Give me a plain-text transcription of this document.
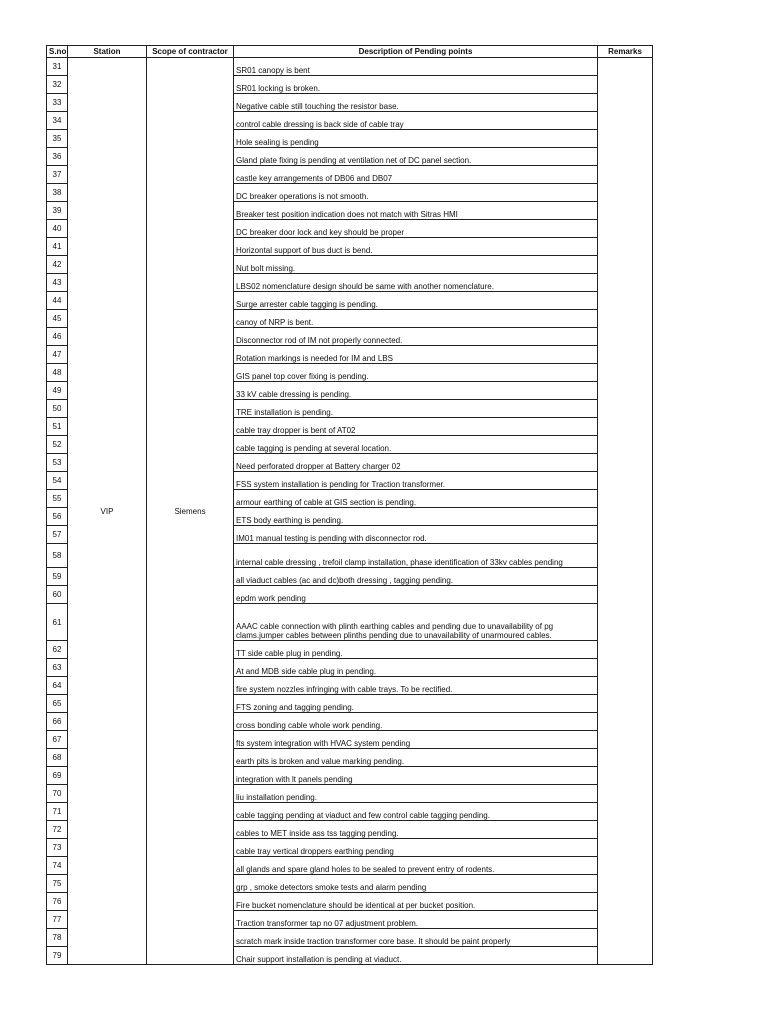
S.no	Station	Scope of contractor	Description of Pending points	Remarks
31	VIP	Siemens	SR01 canopy is bent	
32			SR01 locking is broken.	
33			Negative cable still touching the resistor base.	
34			control cable dressing is back side of cable tray	
35			Hole sealing is pending	
36			Gland plate fixing is pending at ventilation net of DC panel section.	
37			castle key arrangements of DB06 and DB07	
38			DC breaker operations is not smooth.	
39			Breaker test position indication does not match with Sitras HMI	
40			DC breaker door lock and key should be proper	
41			Horizontal support of bus duct is bend.	
42			Nut bolt missing.	
43			LBS02 nomenclature design should be same with another nomenclature.	
44			Surge arrester cable tagging is pending.	
45			canoy of NRP is bent.	
46			Disconnector rod of IM not properly connected.	
47			Rotation markings is needed for IM and LBS	
48			GIS panel top cover fixing is pending.	
49			33 kV cable dressing is pending.	
50			TRE installation is pending.	
51			cable tray dropper is bent of AT02	
52			cable tagging is pending at several location.	
53			Need perforated dropper at Battery charger 02	
54			FSS system installation is pending for Traction transformer.	
55			armour earthing of cable at GIS section is pending.	
56			ETS body earthing is pending.	
57			IM01 manual testing is pending with disconnector rod.	
58			internal cable dressing , trefoil clamp installation, phase identification of 33kv cables pending	
59			all viaduct cables (ac and dc)both dressing , tagging pending.	
60			epdm work pending	
61			AAAC cable connection with plinth earthing cables and pending due to unavailability of pg clams.jumper cables between plinths pending due to unavailability of unarmoured cables.	
62			TT side cable plug in pending.	
63			At and MDB side cable plug in pending.	
64			fire system nozzles infringing with cable trays. To be rectified.	
65			FTS zoning and tagging pending.	
66			cross bonding cable whole work pending.	
67			fts system integration with HVAC system pending	
68			earth pits is broken and value marking pending.	
69			integration with lt panels pending	
70			liu installation pending.	
71			cable tagging pending at viaduct and few control cable tagging pending.	
72			cables to MET inside ass tss tagging pending.	
73			cable tray vertical droppers earthing pending	
74			all glands and spare gland holes to be sealed to prevent entry of rodents.	
75			grp , smoke detectors smoke tests and alarm pending	
76			Fire bucket nomenclature should be identical at per bucket position.	
77			Traction transformer tap no 07 adjustment problem.	
78			scratch mark inside traction transformer core base. It should be paint properly	
79			Chair support installation is pending at viaduct.	
